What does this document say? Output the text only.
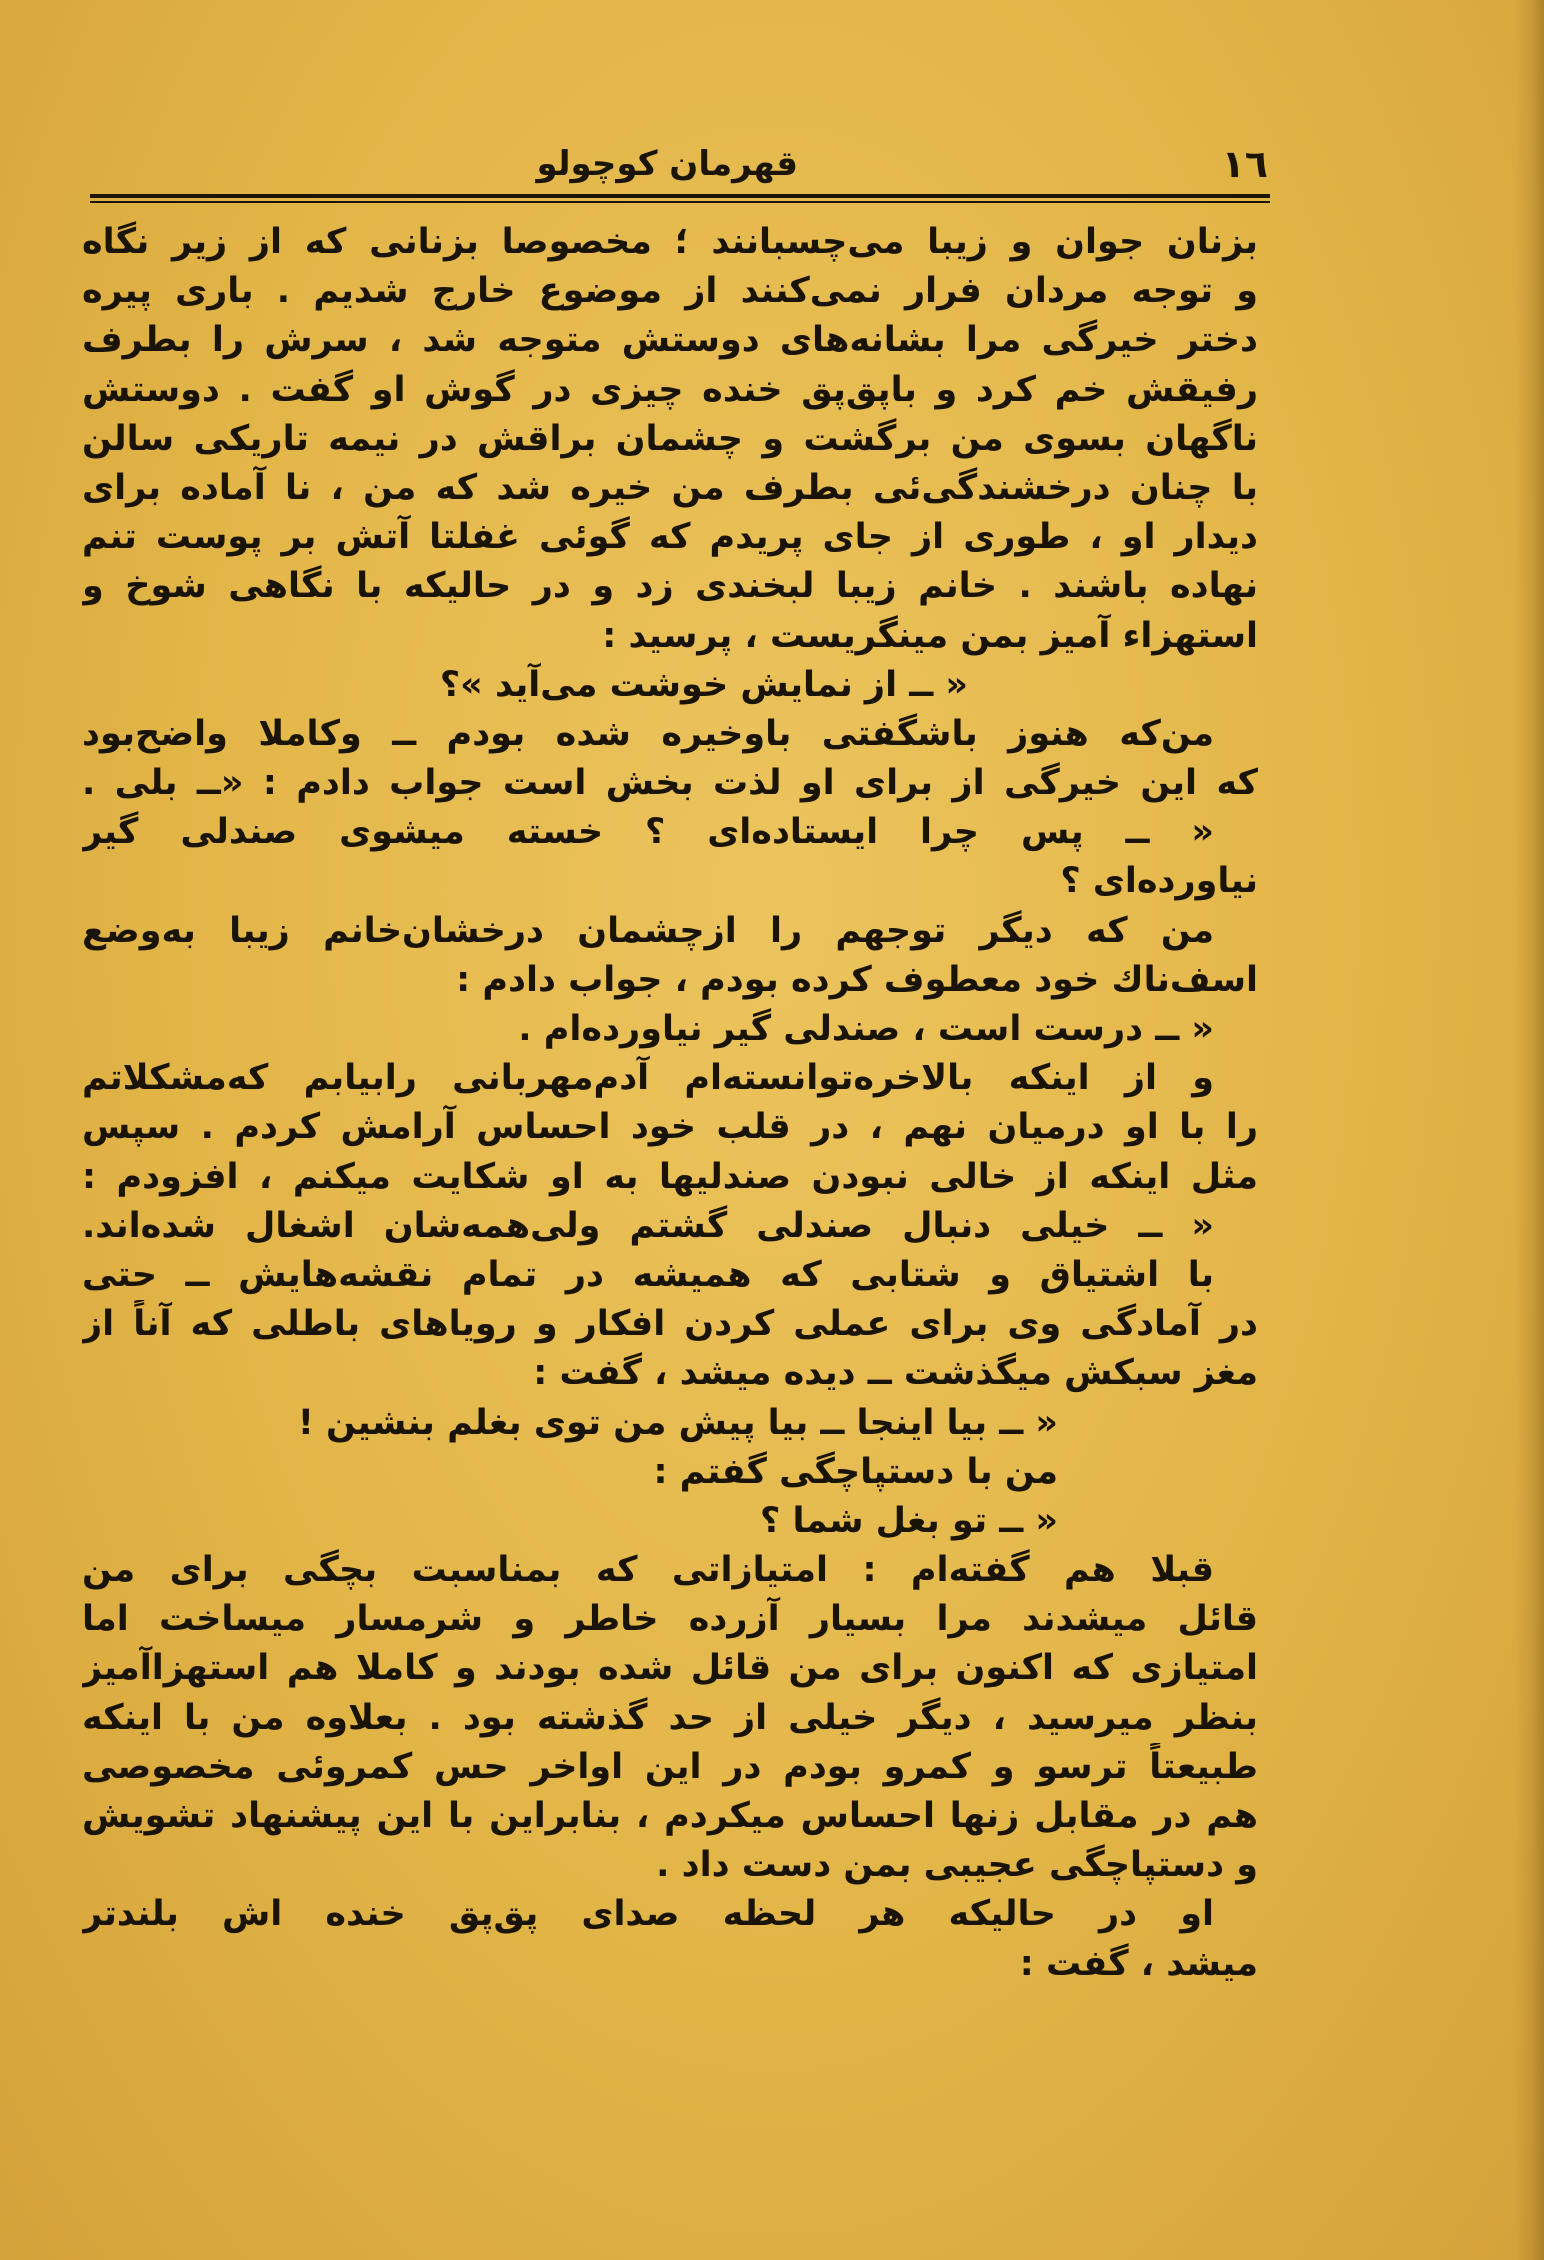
١٦
قهرمان کوچولو
بزنان جوان و زیبا می‌چسبانند ؛ مخصوصا بزنانی که از زیر نگاه
و توجه مردان فرار نمی‌کنند از موضوع خارج شدیم . باری پیره
دختر خیرگی مرا بشانه‌های دوستش متوجه شد ، سرش را بطرف
رفیقش خم کرد و باپق‌پق خنده چیزی در گوش او گفت . دوستش
ناگهان بسوی من برگشت و چشمان براقش در نیمه تاریکی سالن
با چنان درخشندگی‌ئی بطرف من خیره شد که من ، نا آماده برای
دیدار او ، طوری از جای پریدم که گوئی غفلتا آتش بر پوست تنم
نهاده باشند . خانم زیبا لبخندی زد و در حالیکه با نگاهی شوخ و
استهزاء آمیز بمن مینگریست ، پرسید :
« ــ از نمایش خوشت می‌آید »؟
من‌که هنوز باشگفتی باوخیره شده بودم ــ وکاملا واضح‌بود
که این خیرگی از برای او لذت بخش است جواب دادم : «ــ بلی .
« ــ پس چرا ایستاده‌ای ؟ خسته میشوی صندلی گیر
نیاورده‌ای ؟
من که دیگر توجهم را ازچشمان درخشان‌خانم زیبا به‌وضع
اسف‌ناك خود معطوف كرده بودم ، جواب دادم :
« ــ درست است ، صندلی گیر نیاورده‌ام .
و از اینکه بالاخره‌توانسته‌ام آدم‌مهربانی رابیابم که‌مشکلاتم
را با او درمیان نهم ، در قلب خود احساس آرامش کردم . سپس
مثل اینکه از خالی نبودن صندلیها به او شکایت میکنم ، افزودم :
« ــ خیلی دنبال صندلی گشتم ولی‌همه‌شان اشغال شده‌اند.
با اشتیاق و شتابی که همیشه در تمام نقشه‌هایش ــ حتی
در آمادگی وی برای عملی کردن افکار و رویاهای باطلی که آناً از
مغز سبکش میگذشت ــ دیده میشد ، گفت :
« ــ بیا اینجا ــ بیا پیش من توی بغلم بنشین !
من با دستپاچگی گفتم :
« ــ تو بغل شما ؟
قبلا هم گفته‌ام : امتیازاتی که بمناسبت بچگی برای من
قائل میشدند مرا بسیار آزرده خاطر و شرمسار میساخت اما
امتیازی که اکنون برای من قائل شده بودند و کاملا هم استهزاآمیز
بنظر میرسید ، دیگر خیلی از حد گذشته بود . بعلاوه من با اینکه
طبیعتاً ترسو و کمرو بودم در این اواخر حس کمروئی مخصوصی
هم در مقابل زنها احساس میکردم ، بنابراین با این پیشنهاد تشویش
و دستپاچگی عجیبی بمن دست داد .
او در حالیکه هر لحظه صدای پق‌پق خنده اش بلندتر
میشد ، گفت :
